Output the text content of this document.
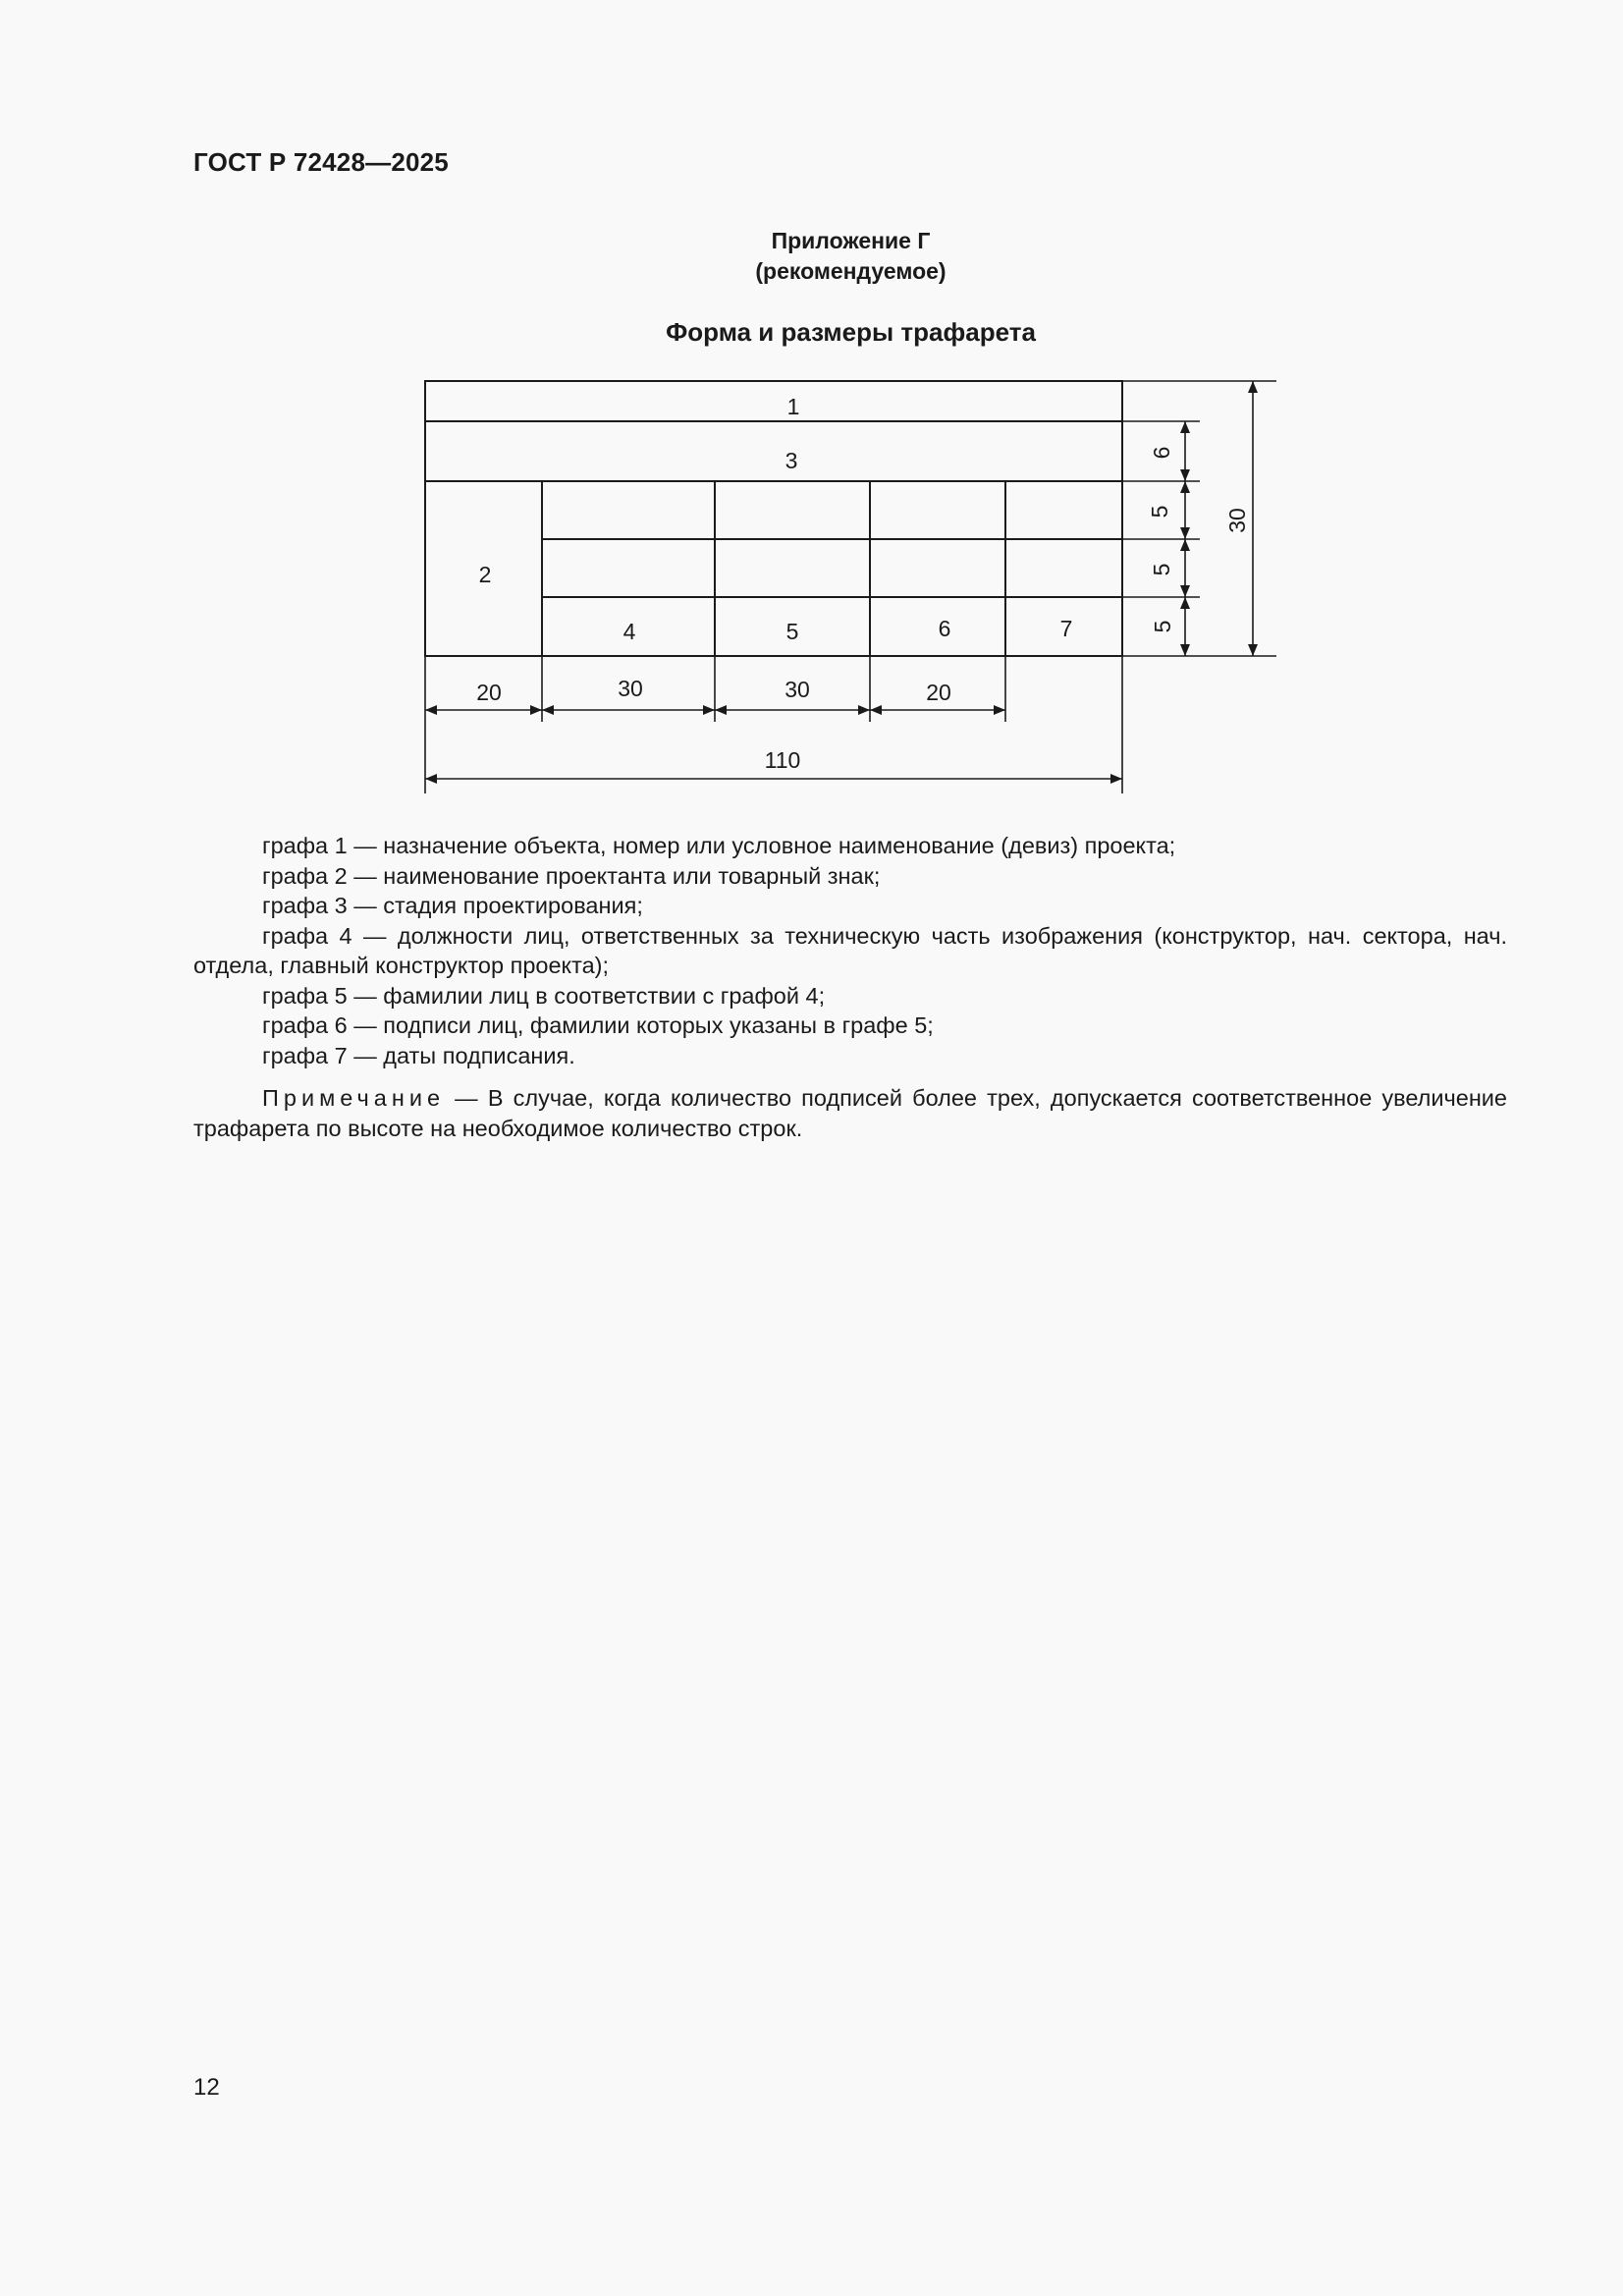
ГОСТ Р 72428—2025
Приложение Г
(рекомендуемое)
Форма и размеры трафарета
1
3
2
4	5	6	7
20	30	30	20
110
6
5
5
5
30

графа 1 — назначение объекта, номер или условное наименование (девиз) проекта;

графа 2 — наименование проектанта или товарный знак;

графа 3 — стадия проектирования;

графа 4 — должности лиц, ответственных за техническую часть изображения (конструктор, нач. сектора, нач. отдела, главный конструктор проекта);

графа 5 — фамилии лиц в соответствии с графой 4;

графа 6 — подписи лиц, фамилии которых указаны в графе 5;

графа 7 — даты подписания.

Примечание — В случае, когда количество подписей более трех, допускается соответственное увеличение трафарета по высоте на необходимое количество строк.
12
